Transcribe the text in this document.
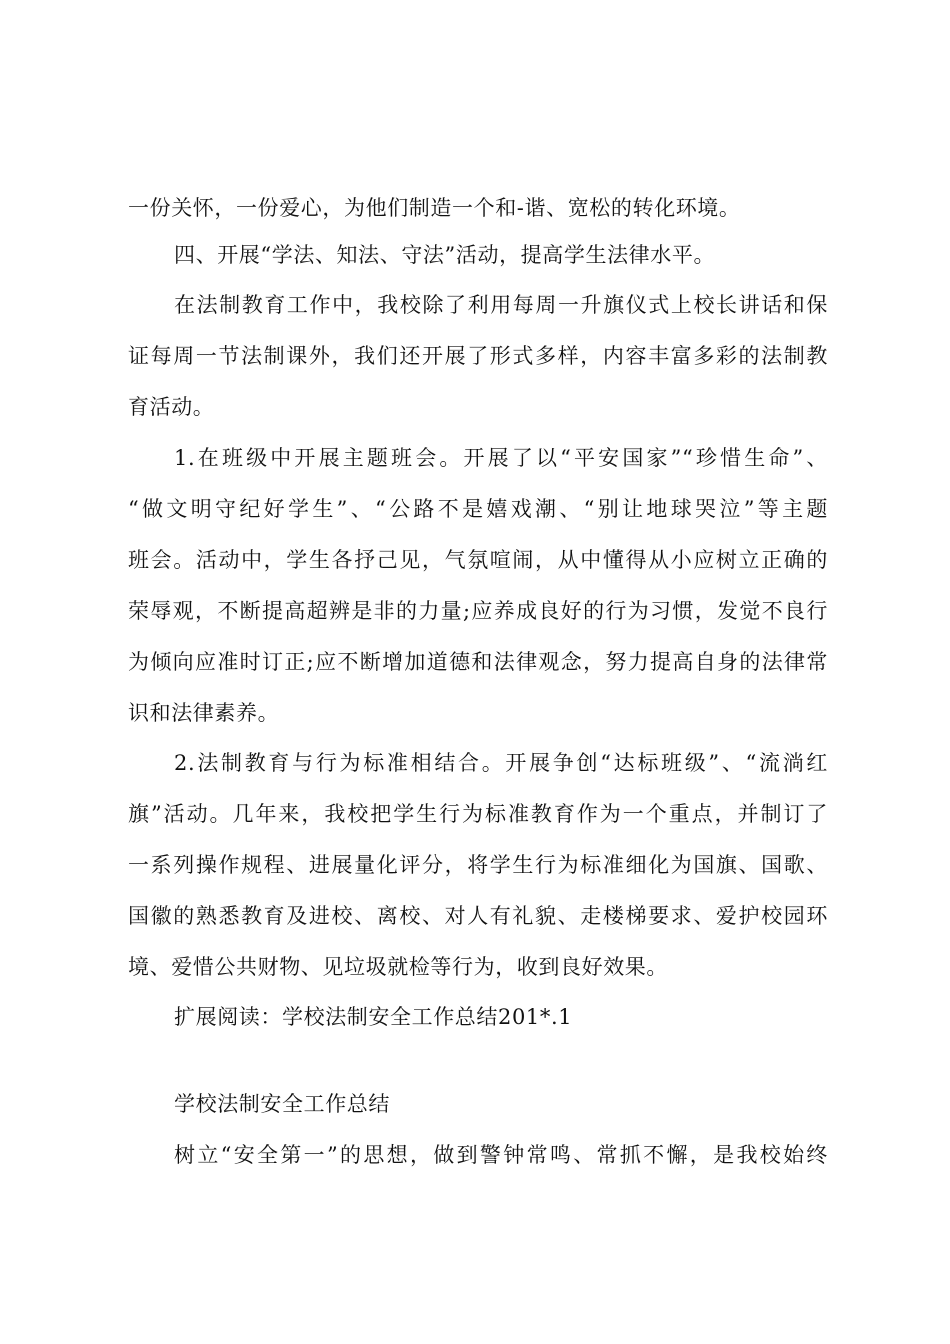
一份关怀，一份爱心，为他们制造一个和-谐、宽松的转化环境。
四、开展“学法、知法、守法”活动，提高学生法律水平。
在法制教育工作中，我校除了利用每周一升旗仪式上校长讲话和保
证每周一节法制课外，我们还开展了形式多样，内容丰富多彩的法制教
育活动。
1.在班级中开展主题班会。开展了以“平安国家”“珍惜生命”、
“做文明守纪好学生”、“公路不是嬉戏潮、“别让地球哭泣”等主题
班会。活动中，学生各抒己见，气氛喧闹，从中懂得从小应树立正确的
荣辱观，不断提高超辨是非的力量;应养成良好的行为习惯，发觉不良行
为倾向应准时订正;应不断增加道德和法律观念，努力提高自身的法律常
识和法律素养。
2.法制教育与行为标准相结合。开展争创“达标班级”、“流淌红
旗”活动。几年来，我校把学生行为标准教育作为一个重点，并制订了
一系列操作规程、进展量化评分，将学生行为标准细化为国旗、国歌、
国徽的熟悉教育及进校、离校、对人有礼貌、走楼梯要求、爱护校园环
境、爱惜公共财物、见垃圾就检等行为，收到良好效果。
扩展阅读：学校法制安全工作总结201*.1
学校法制安全工作总结
树立“安全第一”的思想，做到警钟常鸣、常抓不懈，是我校始终
